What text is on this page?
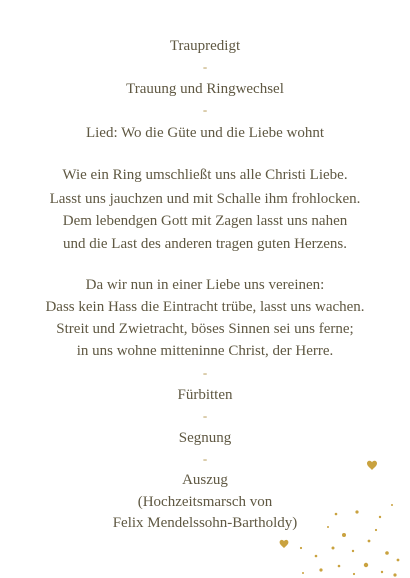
Traupredigt
-
Trauung und Ringwechsel
-
Lied: Wo die Güte und die Liebe wohnt
Wie ein Ring umschließt uns alle Christi Liebe.
Lasst uns jauchzen und mit Schalle ihm frohlocken.
Dem lebendgen Gott mit Zagen lasst uns nahen
und die Last des anderen tragen guten Herzens.
Da wir nun in einer Liebe uns vereinen:
Dass kein Hass die Eintracht trübe, lasst uns wachen.
Streit und Zwietracht, böses Sinnen sei uns ferne;
in uns wohne mitteninne Christ, der Herre.
-
Fürbitten
-
Segnung
-
Auszug
(Hochzeitsmarsch von
Felix Mendelssohn-Bartholdy)
